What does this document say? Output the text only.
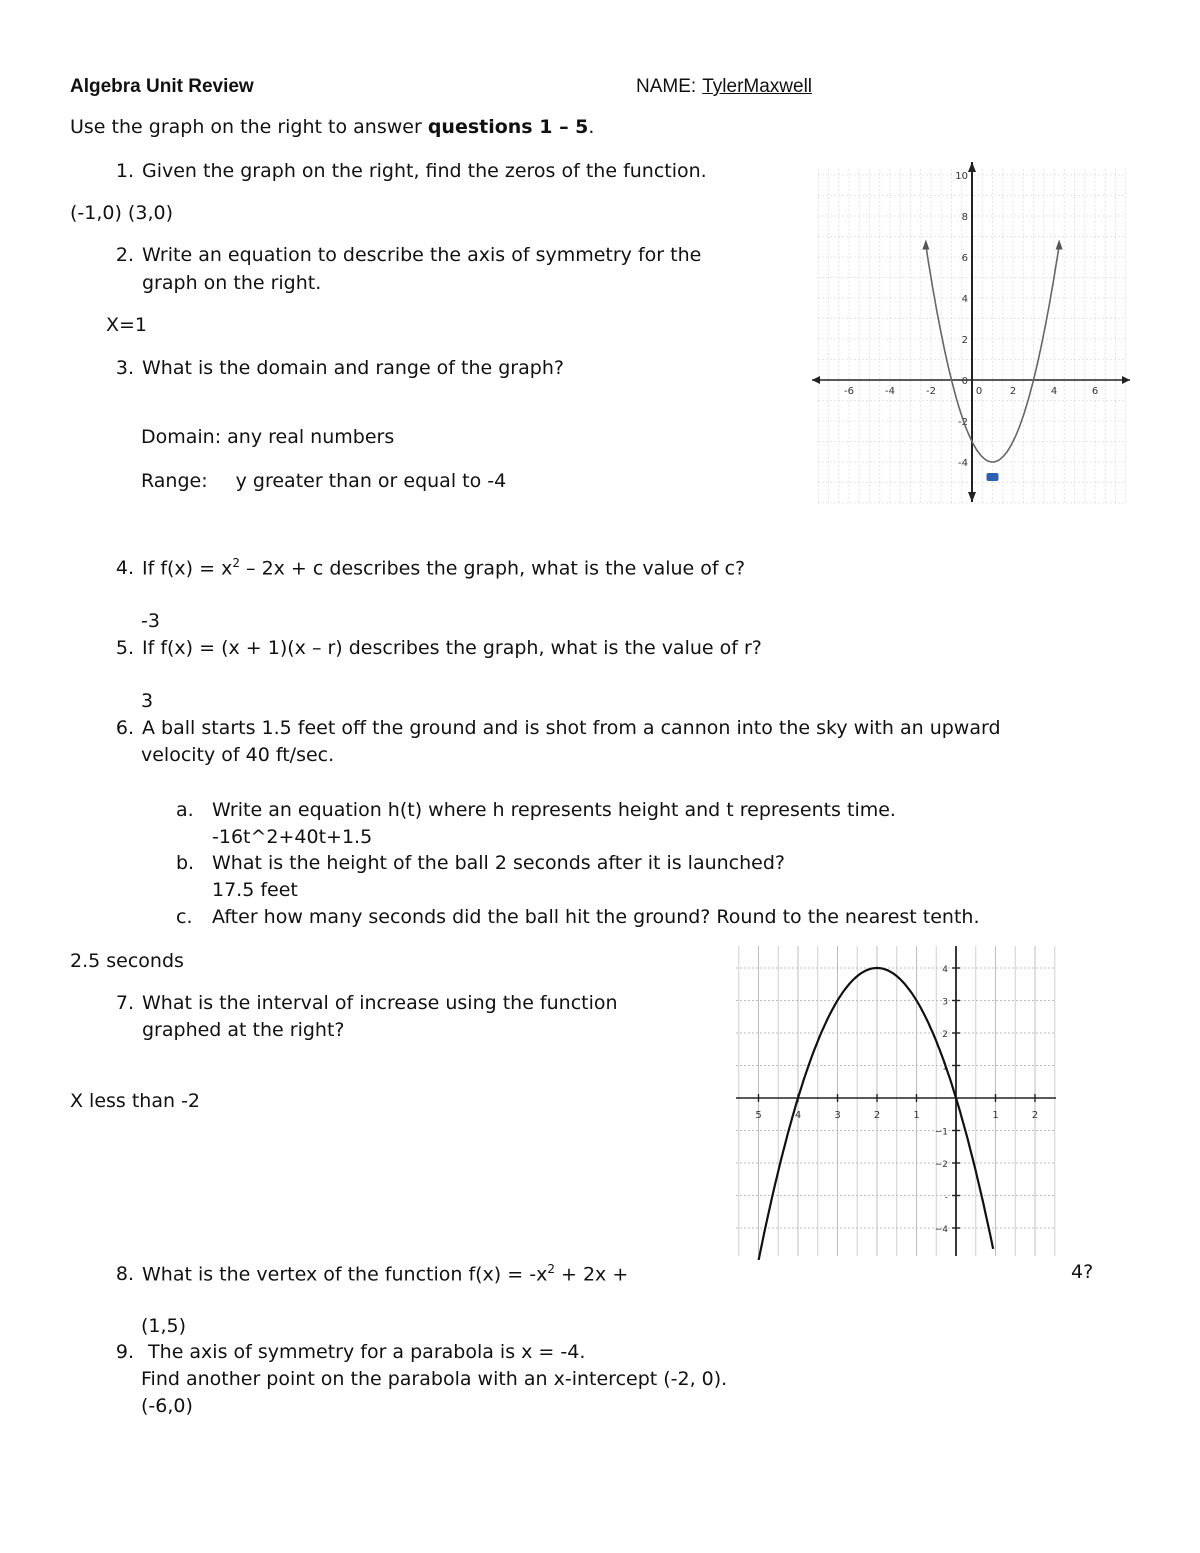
Algebra Unit Review	NAME: TylerMaxwell
Use the graph on the right to answer questions 1 – 5.
1. Given the graph on the right, find the zeros of the function.
(-1,0) (3,0)
2. Write an equation to describe the axis of symmetry for the
graph on the right.
X=1
3. What is the domain and range of the graph?
Domain: any real numbers
Range: y greater than or equal to -4
-6	-4	-2	0	2	4	6
10
8
6
4
2
0
-2
-4
4. If $f(x) = x^2 - 2x + c$ describes the graph, what is the value of c?
-3
5. If f(x) = (x + 1)(x – r) describes the graph, what is the value of r?
3
6. A ball starts 1.5 feet off the ground and is shot from a cannon into the sky with an upward
velocity of 40 ft/sec.
a. Write an equation h(t) where h represents height and t represents time.
-16t^2+40t+1.5
b. What is the height of the ball 2 seconds after it is launched?
17.5 feet
c. After how many seconds did the ball hit the ground? Round to the nearest tenth.
2.5 seconds
5	4	3	2	1	1	2
4
3
2
1
−1
−2
-
−4
7. What is the interval of increase using the function
graphed at the right?
X less than -2
8. What is the vertex of the function $f(x) = -x^2 + 2x$ +	4?
(1,5)
9. The axis of symmetry for a parabola is x = -4.
Find another point on the parabola with an x-intercept (-2, 0).
(-6,0)
